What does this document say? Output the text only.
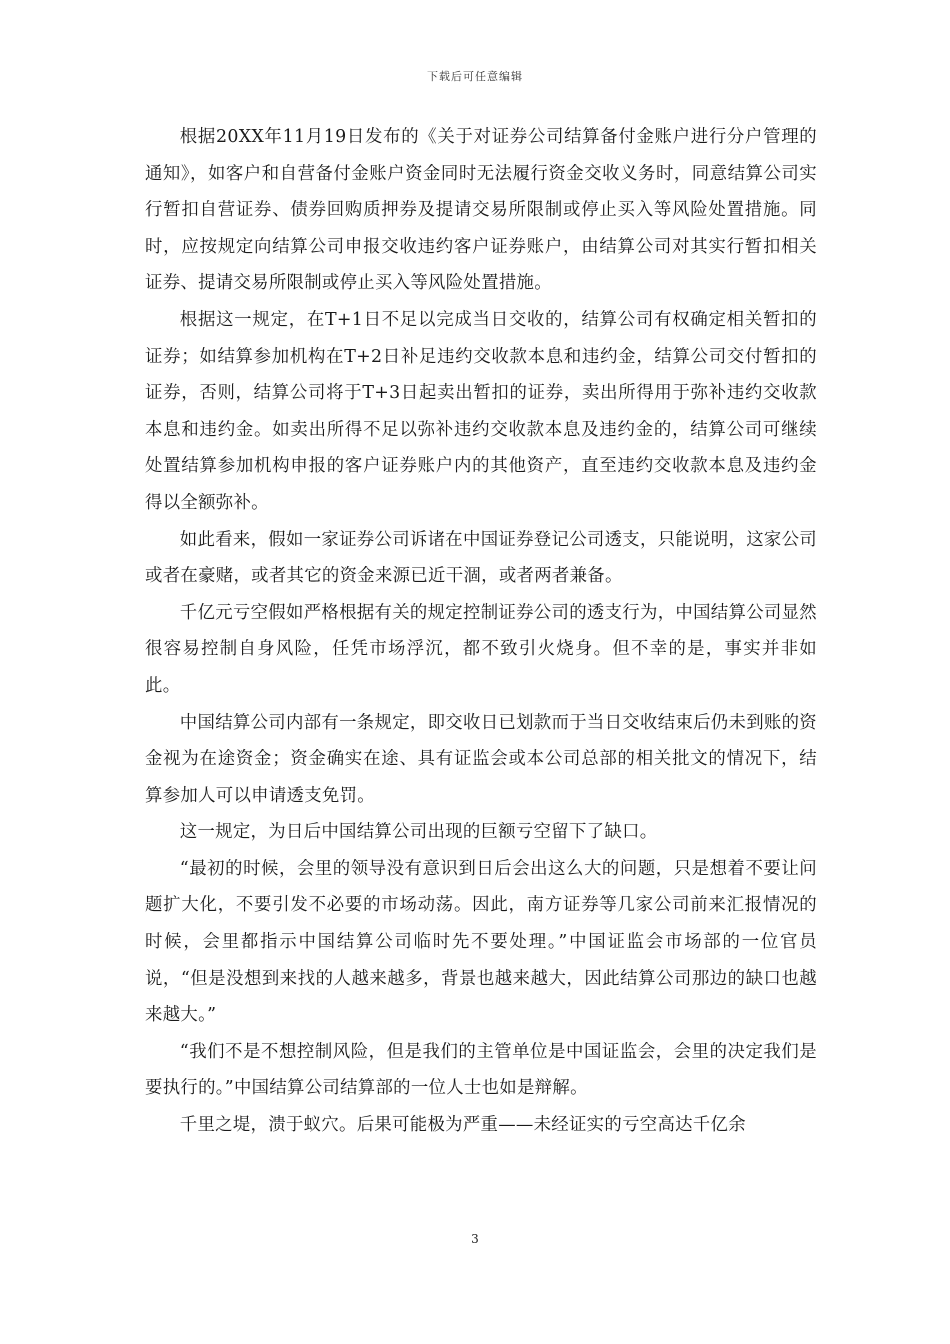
下载后可任意编辑

根据20XX年11月19日发布的《关于对证券公司结算备付金账户进行分户管理的通知》，如客户和自营备付金账户资金同时无法履行资金交收义务时，同意结算公司实行暂扣自营证券、债券回购质押券及提请交易所限制或停止买入等风险处置措施。同时，应按规定向结算公司申报交收违约客户证券账户，由结算公司对其实行暂扣相关证券、提请交易所限制或停止买入等风险处置措施。

根据这一规定，在T+1日不足以完成当日交收的，结算公司有权确定相关暂扣的证券；如结算参加机构在T+2日补足违约交收款本息和违约金，结算公司交付暂扣的证券，否则，结算公司将于T+3日起卖出暂扣的证券，卖出所得用于弥补违约交收款本息和违约金。如卖出所得不足以弥补违约交收款本息及违约金的，结算公司可继续处置结算参加机构申报的客户证券账户内的其他资产，直至违约交收款本息及违约金得以全额弥补。

如此看来，假如一家证券公司诉诸在中国证券登记公司透支，只能说明，这家公司或者在豪赌，或者其它的资金来源已近干涸，或者两者兼备。

千亿元亏空假如严格根据有关的规定控制证券公司的透支行为，中国结算公司显然很容易控制自身风险，任凭市场浮沉，都不致引火烧身。但不幸的是，事实并非如此。

中国结算公司内部有一条规定，即交收日已划款而于当日交收结束后仍未到账的资金视为在途资金；资金确实在途、具有证监会或本公司总部的相关批文的情况下，结算参加人可以申请透支免罚。

这一规定，为日后中国结算公司出现的巨额亏空留下了缺口。

“最初的时候，会里的领导没有意识到日后会出这么大的问题，只是想着不要让问题扩大化，不要引发不必要的市场动荡。因此，南方证券等几家公司前来汇报情况的时候，会里都指示中国结算公司临时先不要处理。”中国证监会市场部的一位官员说，“但是没想到来找的人越来越多，背景也越来越大，因此结算公司那边的缺口也越来越大。”

“我们不是不想控制风险，但是我们的主管单位是中国证监会，会里的决定我们是要执行的。”中国结算公司结算部的一位人士也如是辩解。

千里之堤，溃于蚁穴。后果可能极为严重——未经证实的亏空高达千亿余

3
